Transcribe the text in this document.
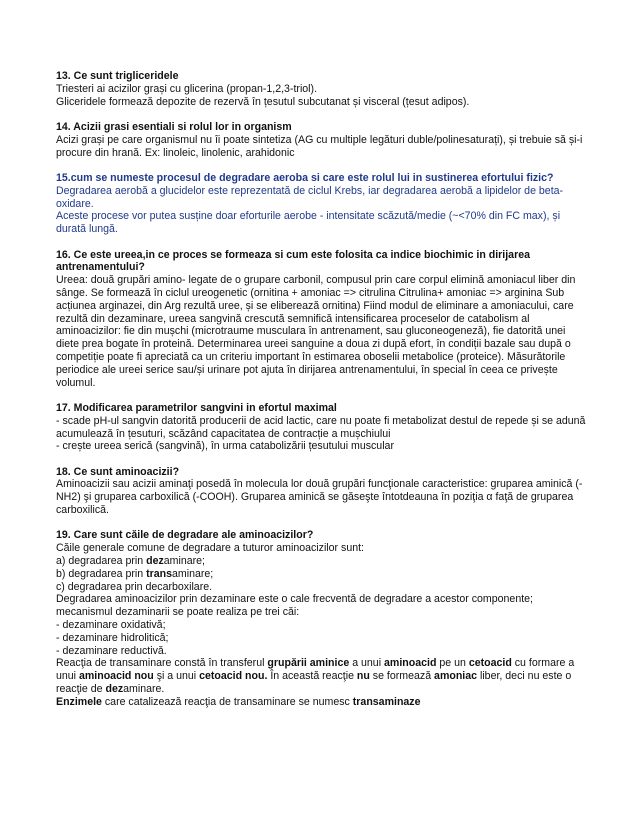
13. Ce sunt trigliceridele

Triesteri ai acizilor grași cu glicerina (propan-1,2,3-triol).

Gliceridele formează depozite de rezervă în țesutul subcutanat și visceral (țesut adipos).

14. Acizii grasi esentiali si rolul lor in organism

Acizi grași pe care organismul nu îi poate sintetiza (AG cu multiple legături duble/polinesaturați), și trebuie să și-i procure din hrană. Ex: linoleic, linolenic, arahidonic

15.cum se numeste procesul de degradare aeroba si care este rolul lui in sustinerea efortului fizic?

Degradarea aerobă a glucidelor este reprezentată de ciclul Krebs, iar degradarea aerobă a lipidelor de beta-oxidare.

Aceste procese vor putea susține doar eforturile aerobe - intensitate scăzută/medie (~<70% din FC max), și durată lungă.

16. Ce este ureea,in ce proces se formeaza si cum este folosita ca indice biochimic in dirijarea antrenamentului?

Ureea: două grupări amino- legate de o grupare carbonil, compusul prin care corpul elimină amoniacul liber din sânge. Se formează în ciclul ureogenetic (ornitina + amoniac => citrulina Citrulina+ amoniac => arginina Sub acțiunea arginazei, din Arg rezultă uree, și se eliberează ornitina) Fiind modul de eliminare a amoniacului, care rezultă din dezaminare, ureea sangvină crescută semnifică intensificarea proceselor de catabolism al aminoacizilor: fie din mușchi (microtraume musculara în antrenament, sau gluconeogeneză), fie datorită unei diete prea bogate în proteină. Determinarea ureei sanguine a doua zi după efort, în condiții bazale sau după o competiție poate fi apreciată ca un criteriu important în estimarea oboselii metabolice (proteice). Măsurătorile periodice ale ureei serice sau/și urinare pot ajuta în dirijarea antrenamentului, în special în ceea ce privește volumul.

17. Modificarea parametrilor sangvini in efortul maximal

- scade pH-ul sangvin datorită producerii de acid lactic, care nu poate fi metabolizat destul de repede și se adună acumulează în țesuturi, scăzând capacitatea de contracție a mușchiului

- crește ureea serică (sangvină), în urma catabolizării țesutului muscular

18. Ce sunt aminoacizii?

Aminoacizii sau acizii aminaţi posedă în molecula lor două grupări funcţionale caracteristice: gruparea aminică (-NH2) şi gruparea carboxilică (-COOH). Gruparea aminică se găseşte întotdeauna în poziţia α faţă de gruparea carboxilică.

19. Care sunt căile de degradare ale aminoacizilor?

Căile generale comune de degradare a tuturor aminoacizilor sunt:

a) degradarea prin dezaminare;

b) degradarea prin transaminare;

c) degradarea prin decarboxilare.

Degradarea aminoacizilor prin dezaminare este o cale frecventă de degradare a acestor componente; mecanismul dezaminarii se poate realiza pe trei căi:

- dezaminare oxidativă;

- dezaminare hidrolitică;

- dezaminare reductivă.

Reacţia de transaminare constă în transferul grupării aminice a unui aminoacid pe un cetoacid cu formare a unui aminoacid nou şi a unui cetoacid nou. În această reacţie nu se formează amoniac liber, deci nu este o reacţie de dezaminare.

Enzimele care catalizează reacţia de transaminare se numesc transaminaze
